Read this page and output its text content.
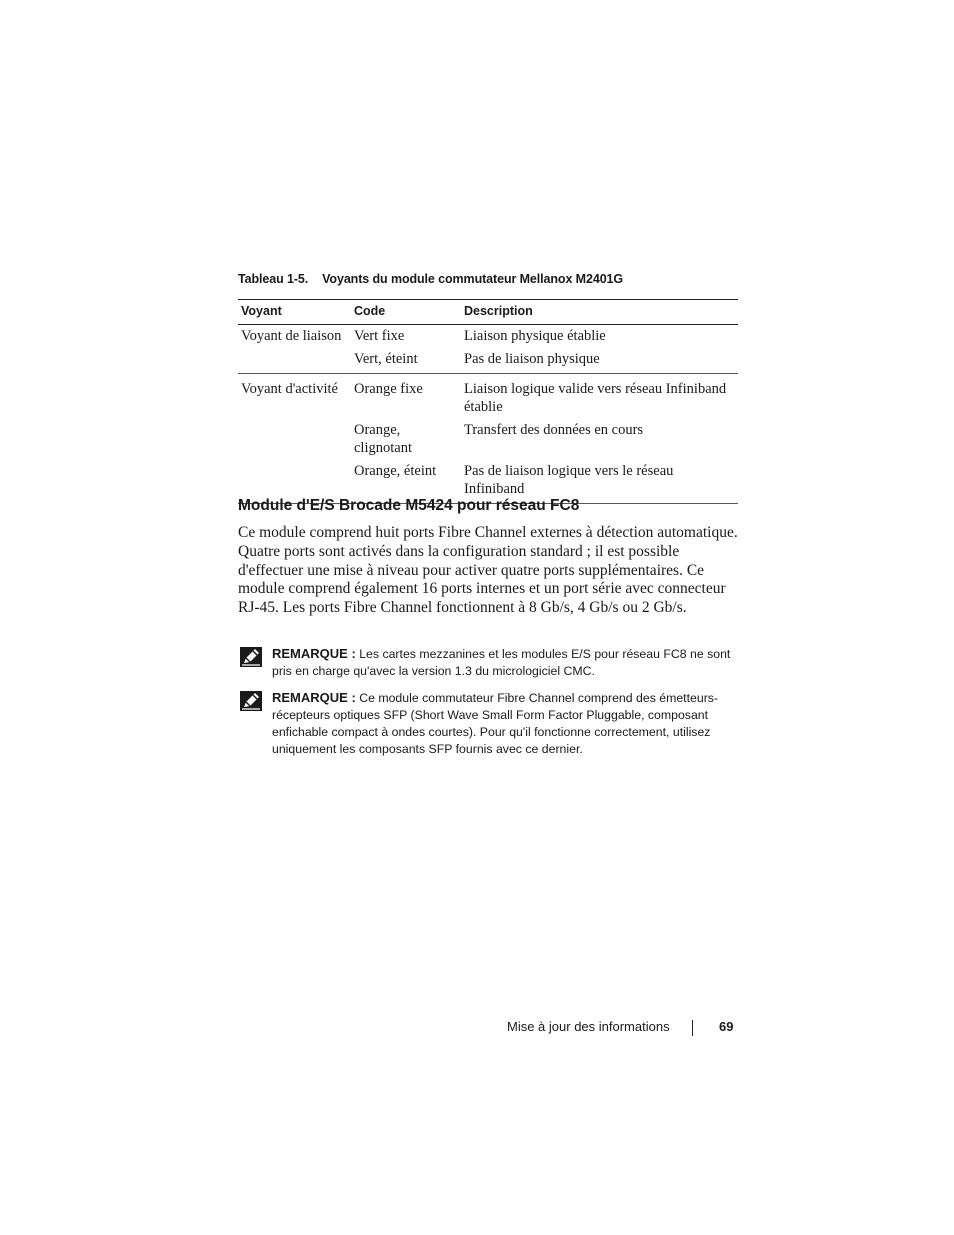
Tableau 1-5. Voyants du module commutateur Mellanox M2401G
Voyant	Code	Description
Voyant de liaison	Vert fixe	Liaison physique établie
	Vert, éteint	Pas de liaison physique
Voyant d'activité	Orange fixe	Liaison logique valide vers réseau Infiniband établie
	Orange, clignotant	Transfert des données en cours
	Orange, éteint	Pas de liaison logique vers le réseau Infiniband
Module d'E/S Brocade M5424 pour réseau FC8

Ce module comprend huit ports Fibre Channel externes à détection automatique. Quatre ports sont activés dans la configuration standard ; il est possible d'effectuer une mise à niveau pour activer quatre ports supplémentaires. Ce module comprend également 16 ports internes et un port série avec connecteur RJ-45. Les ports Fibre Channel fonctionnent à 8 Gb/s, 4 Gb/s ou 2 Gb/s.

REMARQUE : Les cartes mezzanines et les modules E/S pour réseau FC8 ne sont pris en charge qu'avec la version 1.3 du micrologiciel CMC.
REMARQUE : Ce module commutateur Fibre Channel comprend des émetteurs-récepteurs optiques SFP (Short Wave Small Form Factor Pluggable, composant enfichable compact à ondes courtes). Pour qu'il fonctionne correctement, utilisez uniquement les composants SFP fournis avec ce dernier.
Mise à jour des informations	69
